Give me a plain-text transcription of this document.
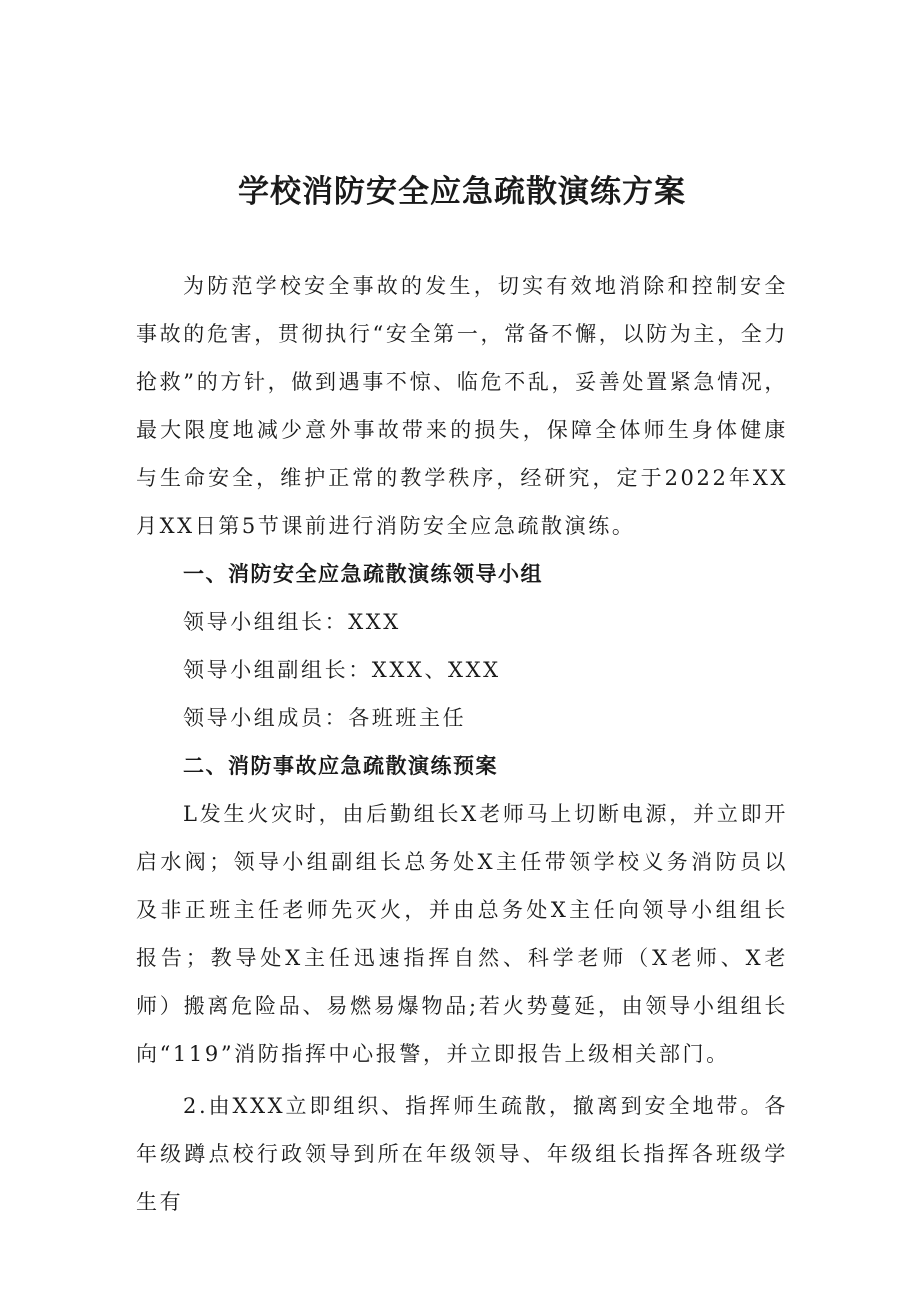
学校消防安全应急疏散演练方案

为防范学校安全事故的发生，切实有效地消除和控制安全事故的危害，贯彻执行“安全第一，常备不懈，以防为主，全力抢救”的方针，做到遇事不惊、临危不乱，妥善处置紧急情况，最大限度地减少意外事故带来的损失，保障全体师生身体健康与生命安全，维护正常的教学秩序，经研究，定于2022年XX月XX日第5节课前进行消防安全应急疏散演练。

一、消防安全应急疏散演练领导小组

领导小组组长：XXX

领导小组副组长：XXX、XXX

领导小组成员：各班班主任

二、消防事故应急疏散演练预案

L发生火灾时，由后勤组长X老师马上切断电源，并立即开启水阀；领导小组副组长总务处X主任带领学校义务消防员以及非正班主任老师先灭火，并由总务处X主任向领导小组组长报告；教导处X主任迅速指挥自然、科学老师（X老师、X老师）搬离危险品、易燃易爆物品;若火势蔓延，由领导小组组长向“119”消防指挥中心报警，并立即报告上级相关部门。

2.由XXX立即组织、指挥师生疏散，撤离到安全地带。各年级蹲点校行政领导到所在年级领导、年级组长指挥各班级学生有
